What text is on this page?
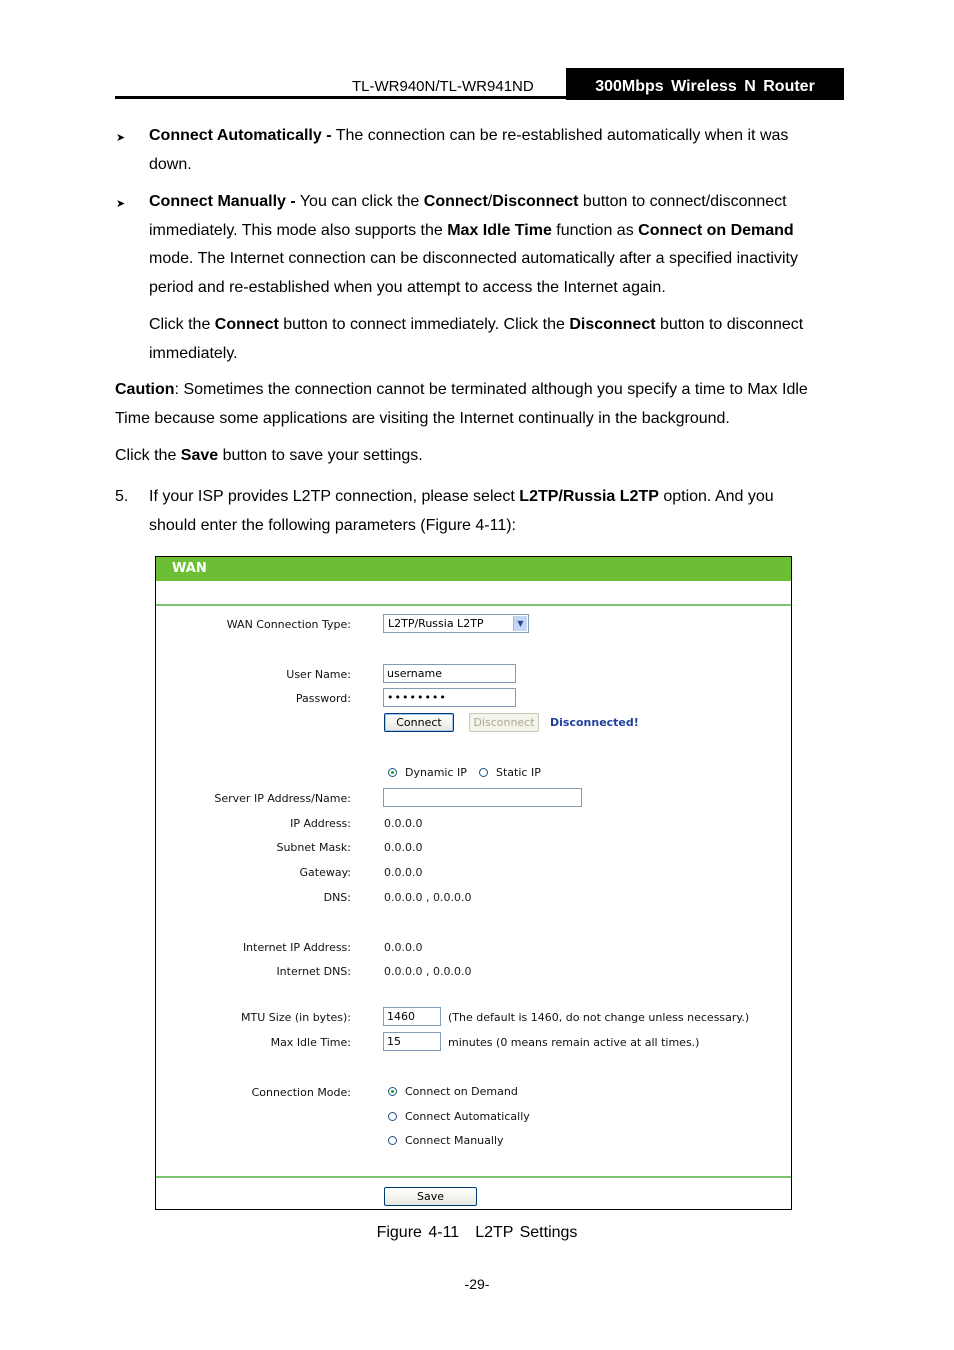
TL-WR940N/TL-WR941ND	300Mbps Wireless N Router
➤ Connect Automatically - The connection can be re-established automatically when it was
down.
➤ Connect Manually - You can click the Connect/Disconnect button to connect/disconnect
immediately. This mode also supports the Max Idle Time function as Connect on Demand
mode. The Internet connection can be disconnected automatically after a specified inactivity
period and re-established when you attempt to access the Internet again.
Click the Connect button to connect immediately. Click the Disconnect button to disconnect
immediately.
Caution: Sometimes the connection cannot be terminated although you specify a time to Max Idle
Time because some applications are visiting the Internet continually in the background.
Click the Save button to save your settings.
5. If your ISP provides L2TP connection, please select L2TP/Russia L2TP option. And you
should enter the following parameters (Figure 4-11):
WAN
WAN Connection Type:	L2TP/Russia L2TP	▼
User Name:	username
Password:	••••••••
Connect	Disconnect	Disconnected!
Dynamic IP	Static IP
Server IP Address/Name:
IP Address:	0.0.0.0
Subnet Mask:	0.0.0.0
Gateway:	0.0.0.0
DNS:	0.0.0.0 , 0.0.0.0
Internet IP Address:	0.0.0.0
Internet DNS:	0.0.0.0 , 0.0.0.0
MTU Size (in bytes):	1460	(The default is 1460, do not change unless necessary.)
Max Idle Time:	15	minutes (0 means remain active at all times.)
Connection Mode:	Connect on Demand
Connect Automatically
Connect Manually
Save
Figure 4-11 L2TP Settings
-29-
